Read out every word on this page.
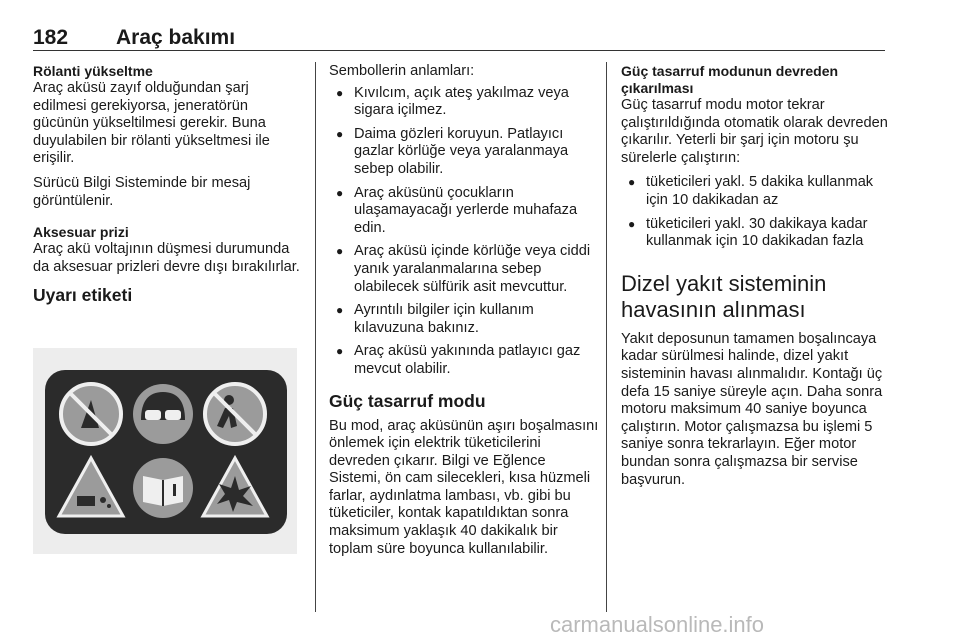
182 Araç bakımı

Rölanti yükseltme

Araç aküsü zayıf olduğundan şarj edilmesi gerekiyorsa, jeneratörün gücünün yükseltilmesi gerekir. Buna duyulabilen bir rölanti yükseltmesi ile erişilir.

Sürücü Bilgi Sisteminde bir mesaj görüntülenir.

Aksesuar prizi

Araç akü voltajının düşmesi durumunda da aksesuar prizleri devre dışı bırakılırlar.

Uyarı etiketi

Sembollerin anlamları:

● Kıvılcım, açık ateş yakılmaz veya sigara içilmez.
● Daima gözleri koruyun. Patlayıcı gazlar körlüğe veya yaralanmaya sebep olabilir.
● Araç aküsünü çocukların ulaşamayacağı yerlerde muhafaza edin.
● Araç aküsü içinde körlüğe veya ciddi yanık yaralanmalarına sebep olabilecek sülfürik asit mevcuttur.
● Ayrıntılı bilgiler için kullanım kılavuzuna bakınız.
● Araç aküsü yakınında patlayıcı gaz mevcut olabilir.

Güç tasarruf modu

Bu mod, araç aküsünün aşırı boşalmasını önlemek için elektrik tüketicilerini devreden çıkarır. Bilgi ve Eğlence Sistemi, ön cam silecekleri, kısa hüzmeli farlar, aydınlatma lambası, vb. gibi bu tüketiciler, kontak kapatıldıktan sonra maksimum yaklaşık 40 dakikalık bir toplam süre boyunca kullanılabilir.

Güç tasarruf modunun devreden çıkarılması

Güç tasarruf modu motor tekrar çalıştırıldığında otomatik olarak devreden çıkarılır. Yeterli bir şarj için motoru şu sürelerle çalıştırın:

● tüketicileri yakl. 5 dakika kullanmak için 10 dakikadan az
● tüketicileri yakl. 30 dakikaya kadar kullanmak için 10 dakikadan fazla

Dizel yakıt sisteminin havasının alınması

Yakıt deposunun tamamen boşalıncaya kadar sürülmesi halinde, dizel yakıt sisteminin havası alınmalıdır. Kontağı üç defa 15 saniye süreyle açın. Daha sonra motoru maksimum 40 saniye boyunca çalıştırın. Motor çalışmazsa bu işlemi 5 saniye sonra tekrarlayın. Eğer motor bundan sonra çalışmazsa bir servise başvurun.

carmanualsonline.info
